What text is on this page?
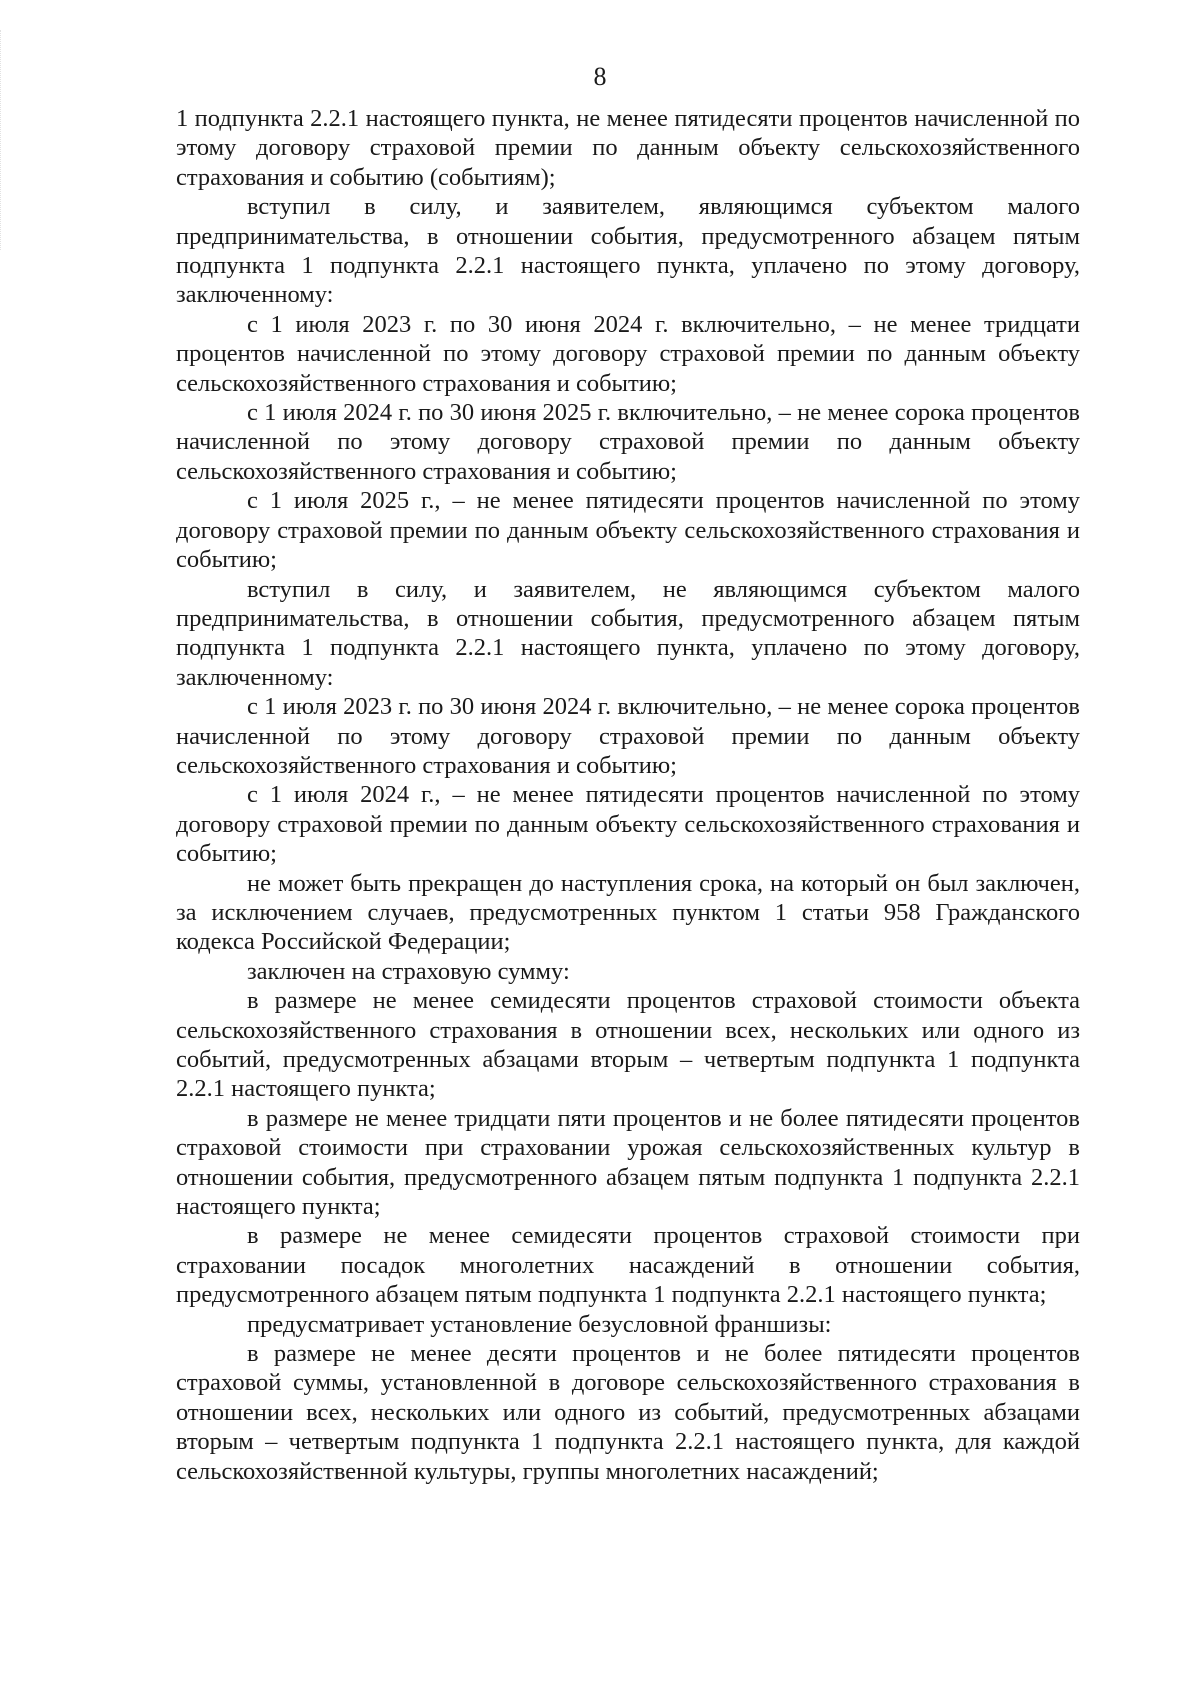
8

1 подпункта 2.2.1 настоящего пункта, не менее пятидесяти процентов начисленной по этому договору страховой премии по данным объекту сельскохозяйственного страхования и событию (событиям);

вступил в силу, и заявителем, являющимся субъектом малого предпринимательства, в отношении события, предусмотренного абзацем пятым подпункта 1 подпункта 2.2.1 настоящего пункта, уплачено по этому договору, заключенному:

с 1 июля 2023 г. по 30 июня 2024 г. включительно, – не менее тридцати процентов начисленной по этому договору страховой премии по данным объекту сельскохозяйственного страхования и событию;

с 1 июля 2024 г. по 30 июня 2025 г. включительно, – не менее сорока процентов начисленной по этому договору страховой премии по данным объекту сельскохозяйственного страхования и событию;

с 1 июля 2025 г., – не менее пятидесяти процентов начисленной по этому договору страховой премии по данным объекту сельскохозяйственного страхования и событию;

вступил в силу, и заявителем, не являющимся субъектом малого предпринимательства, в отношении события, предусмотренного абзацем пятым подпункта 1 подпункта 2.2.1 настоящего пункта, уплачено по этому договору, заключенному:

с 1 июля 2023 г. по 30 июня 2024 г. включительно, – не менее сорока процентов начисленной по этому договору страховой премии по данным объекту сельскохозяйственного страхования и событию;

с 1 июля 2024 г., – не менее пятидесяти процентов начисленной по этому договору страховой премии по данным объекту сельскохозяйственного страхования и событию;

не может быть прекращен до наступления срока, на который он был заключен, за исключением случаев, предусмотренных пунктом 1 статьи 958 Гражданского кодекса Российской Федерации;

заключен на страховую сумму:

в размере не менее семидесяти процентов страховой стоимости объекта сельскохозяйственного страхования в отношении всех, нескольких или одного из событий, предусмотренных абзацами вторым – четвертым подпункта 1 подпункта 2.2.1 настоящего пункта;

в размере не менее тридцати пяти процентов и не более пятидесяти процентов страховой стоимости при страховании урожая сельскохозяйственных культур в отношении события, предусмотренного абзацем пятым подпункта 1 подпункта 2.2.1 настоящего пункта;

в размере не менее семидесяти процентов страховой стоимости при страховании посадок многолетних насаждений в отношении события, предусмотренного абзацем пятым подпункта 1 подпункта 2.2.1 настоящего пункта;

предусматривает установление безусловной франшизы:

в размере не менее десяти процентов и не более пятидесяти процентов страховой суммы, установленной в договоре сельскохозяйственного страхования в отношении всех, нескольких или одного из событий, предусмотренных абзацами вторым – четвертым подпункта 1 подпункта 2.2.1 настоящего пункта, для каждой сельскохозяйственной культуры, группы многолетних насаждений;
